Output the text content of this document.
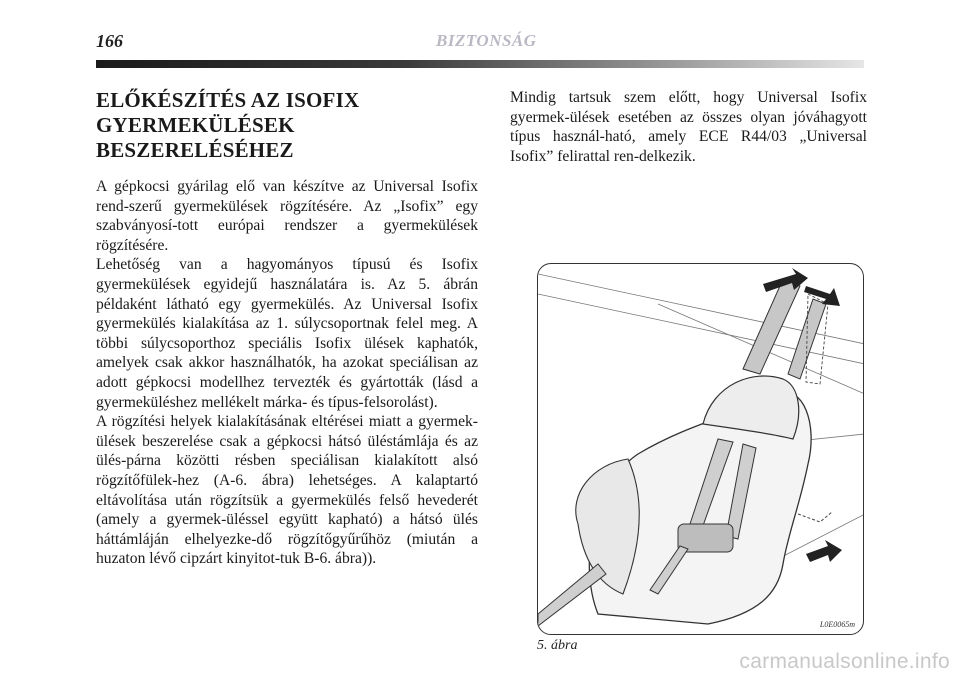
166	BIZTONSÁG
ELŐKÉSZÍTÉS AZ ISOFIX
GYERMEKÜLÉSEK
BESZERELÉSÉHEZ

A gépkocsi gyárilag elő van készítve az Universal Isofix rend-szerű gyermekülések rögzítésére. Az „Isofix” egy szabványosí-tott európai rendszer a gyermekülések rögzítésére.

Lehetőség van a hagyományos típusú és Isofix gyermekülések egyidejű használatára is. Az 5. ábrán példaként látható egy gyermekülés. Az Universal Isofix gyermekülés kialakítása az 1. súlycsoportnak felel meg. A többi súlycsoporthoz speciális Isofix ülések kaphatók, amelyek csak akkor használhatók, ha azokat speciálisan az adott gépkocsi modellhez tervezték és gyártották (lásd a gyermeküléshez mellékelt márka- és típus-felsorolást).

A rögzítési helyek kialakításának eltérései miatt a gyermek-ülések beszerelése csak a gépkocsi hátsó üléstámlája és az ülés-párna közötti résben speciálisan kialakított alsó rögzítőfülek-hez (A-6. ábra) lehetséges. A kalaptartó eltávolítása után rögzítsük a gyermekülés felső hevederét (amely a gyermek-üléssel együtt kapható) a hátsó ülés háttámláján elhelyezke-dő rögzítőgyűrűhöz (miután a huzaton lévő cipzárt kinyitot-tuk B-6. ábra)).

Mindig tartsuk szem előtt, hogy Universal Isofix gyermek-ülések esetében az összes olyan jóváhagyott típus használ-ható, amely ECE R44/03 „Universal Isofix” felirattal ren-delkezik.

L0E0065m
5. ábra
carmanualsonline.info
